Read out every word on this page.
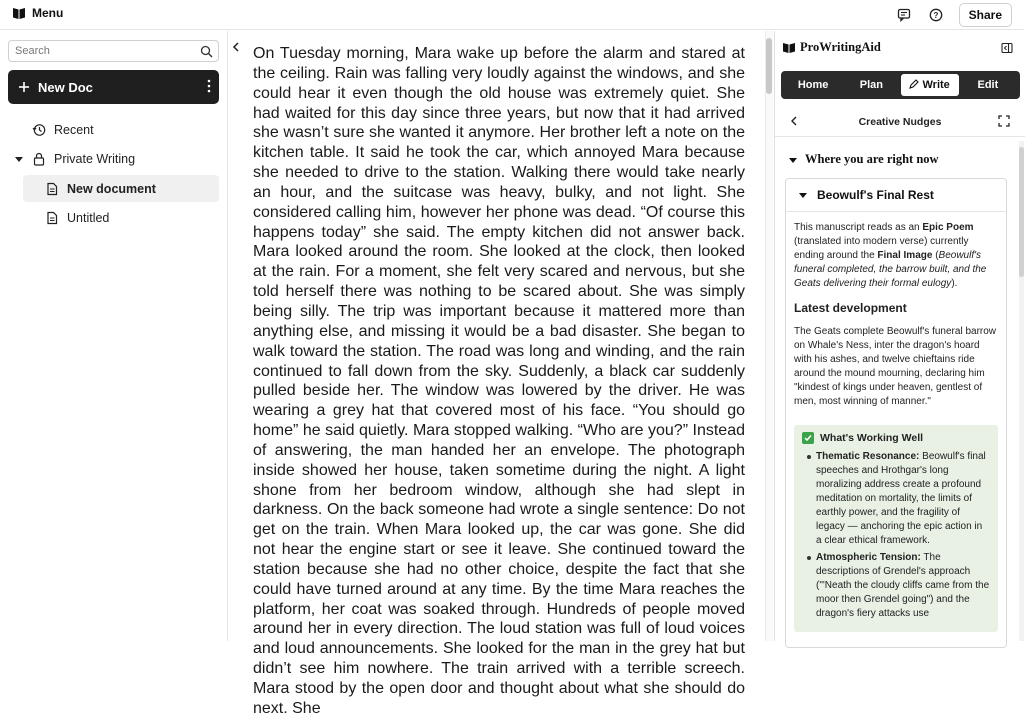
Menu	?	Share
Search
New Doc
Recent
Private Writing
New document
Untitled

On Tuesday morning, Mara wake up before the alarm and stared at the ceiling. Rain was falling very loudly against the windows, and she could hear it even though the old house was extremely quiet. She had waited for this day since three years, but now that it had arrived she wasn’t sure she wanted it anymore. Her brother left a note on the kitchen table. It said he took the car, which annoyed Mara because she needed to drive to the station. Walking there would take nearly an hour, and the suitcase was heavy, bulky, and not light. She considered calling him, however her phone was dead. “Of course this happens today” she said. The empty kitchen did not answer back. Mara looked around the room. She looked at the clock, then looked at the rain. For a moment, she felt very scared and nervous, but she told herself there was nothing to be scared about. She was simply being silly. The trip was important because it mattered more than anything else, and missing it would be a bad disaster. She began to walk toward the station. The road was long and winding, and the rain continued to fall down from the sky. Suddenly, a black car suddenly pulled beside her. The window was lowered by the driver. He was wearing a grey hat that covered most of his face. “You should go home” he said quietly. Mara stopped walking. “Who are you?” Instead of answering, the man handed her an envelope. The photograph inside showed her house, taken sometime during the night. A light shone from her bedroom window, although she had slept in darkness. On the back someone had wrote a single sentence: Do not get on the train. When Mara looked up, the car was gone. She did not hear the engine start or see it leave. She continued toward the station because she had no other choice, despite the fact that she could have turned around at any time. By the time Mara reaches the platform, her coat was soaked through. Hundreds of people moved around her in every direction. The loud station was full of loud voices and loud announcements. She looked for the man in the grey hat but didn’t see him nowhere. The train arrived with a terrible screech. Mara stood by the open door and thought about what she should do next. She

ProWritingAid
Home	Plan	Write	Edit
Creative Nudges
Where you are right now
Beowulf's Final Rest
This manuscript reads as an Epic Poem (translated into modern verse) currently ending around the Final Image (Beowulf's funeral completed, the barrow built, and the Geats delivering their formal eulogy).
Latest development
The Geats complete Beowulf's funeral barrow on Whale's Ness, inter the dragon's hoard with his ashes, and twelve chieftains ride around the mound mourning, declaring him "kindest of kings under heaven, gentlest of men, most winning of manner."
What's Working Well
Thematic Resonance: Beowulf's final speeches and Hrothgar's long moralizing address create a profound meditation on mortality, the limits of earthly power, and the fragility of legacy — anchoring the epic action in a clear ethical framework.
Atmospheric Tension: The descriptions of Grendel's approach ("'Neath the cloudy cliffs came from the moor then Grendel going") and the dragon's fiery attacks use
